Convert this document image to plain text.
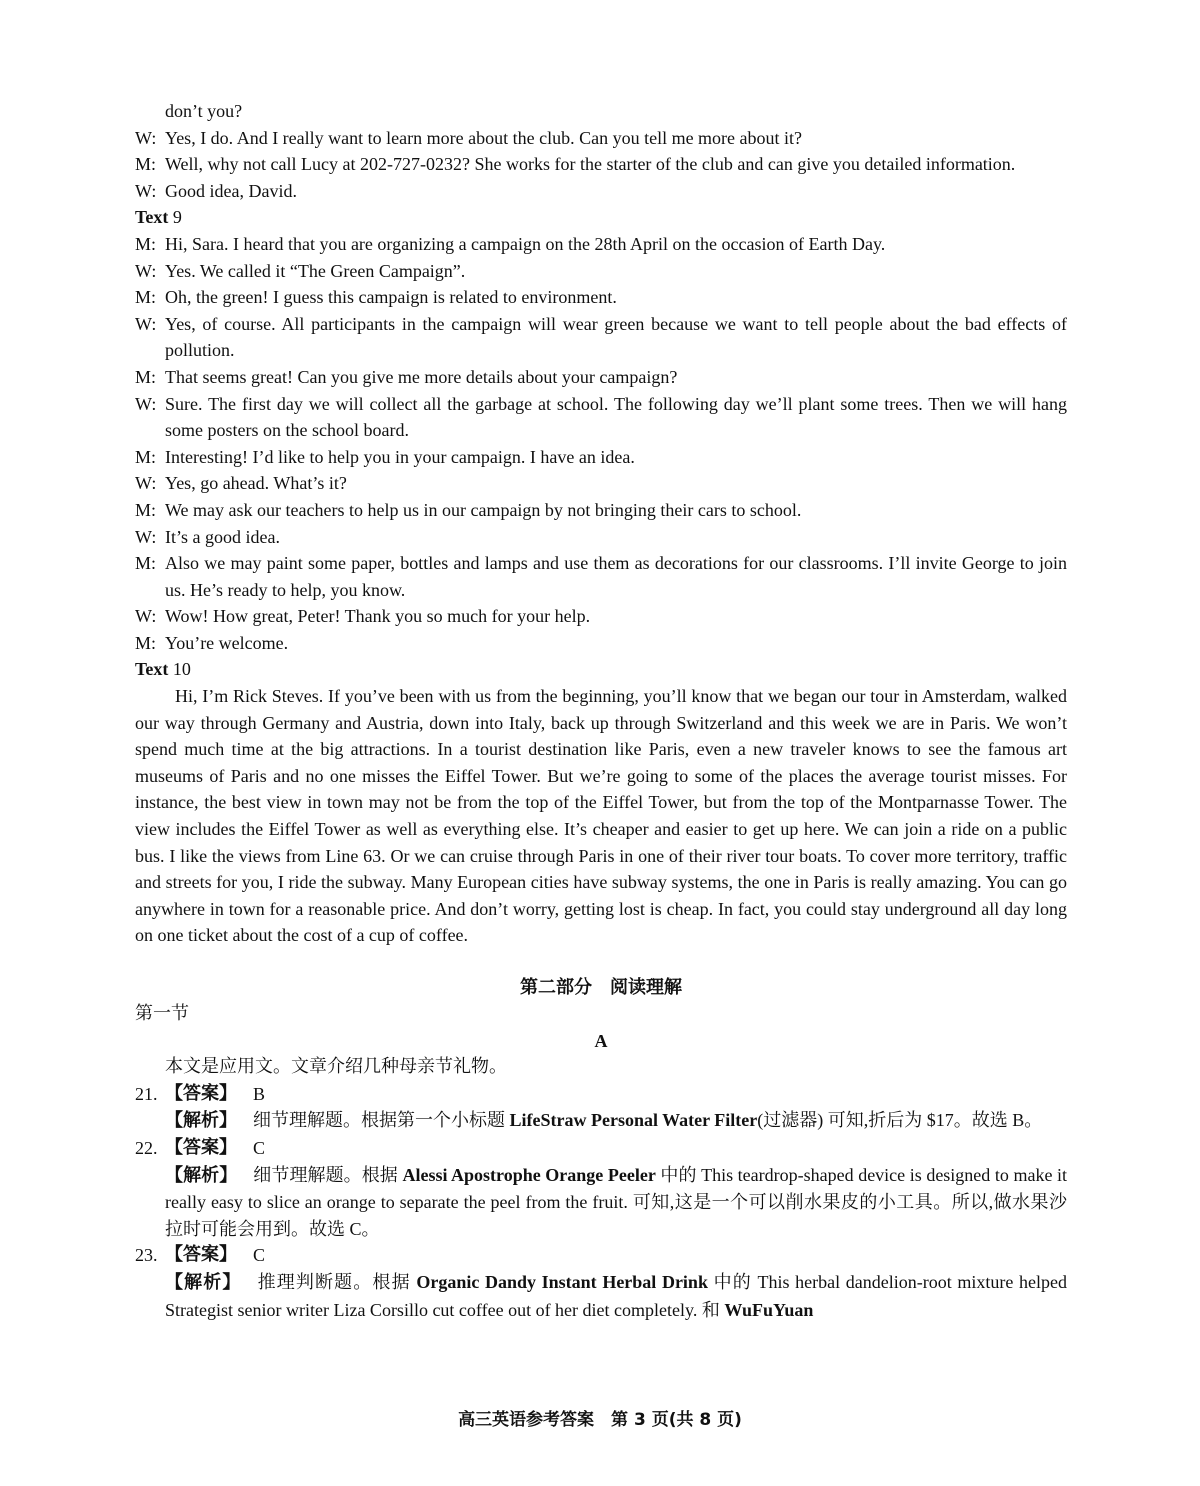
don’t you?
W: Yes, I do. And I really want to learn more about the club. Can you tell me more about it?
M: Well, why not call Lucy at 202-727-0232? She works for the starter of the club and can give you detailed information.
W: Good idea, David.
Text 9
M: Hi, Sara. I heard that you are organizing a campaign on the 28th April on the occasion of Earth Day.
W: Yes. We called it “The Green Campaign”.
M: Oh, the green! I guess this campaign is related to environment.
W: Yes, of course. All participants in the campaign will wear green because we want to tell people about the bad effects of pollution.
M: That seems great! Can you give me more details about your campaign?
W: Sure. The first day we will collect all the garbage at school. The following day we’ll plant some trees. Then we will hang some posters on the school board.
M: Interesting! I’d like to help you in your campaign. I have an idea.
W: Yes, go ahead. What’s it?
M: We may ask our teachers to help us in our campaign by not bringing their cars to school.
W: It’s a good idea.
M: Also we may paint some paper, bottles and lamps and use them as decorations for our classrooms. I’ll invite George to join us. He’s ready to help, you know.
W: Wow! How great, Peter! Thank you so much for your help.
M: You’re welcome.
Text 10

Hi, I’m Rick Steves. If you’ve been with us from the beginning, you’ll know that we began our tour in Amsterdam, walked our way through Germany and Austria, down into Italy, back up through Switzerland and this week we are in Paris. We won’t spend much time at the big attractions. In a tourist destination like Paris, even a new traveler knows to see the famous art museums of Paris and no one misses the Eiffel Tower. But we’re going to some of the places the average tourist misses. For instance, the best view in town may not be from the top of the Eiffel Tower, but from the top of the Montparnasse Tower. The view includes the Eiffel Tower as well as everything else. It’s cheaper and easier to get up here. We can join a ride on a public bus. I like the views from Line 63. Or we can cruise through Paris in one of their river tour boats. To cover more territory, traffic and streets for you, I ride the subway. Many European cities have subway systems, the one in Paris is really amazing. You can go anywhere in town for a reasonable price. And don’t worry, getting lost is cheap. In fact, you could stay underground all day long on one ticket about the cost of a cup of coffee.

第二部分　阅读理解
第一节
A
本文是应用文。文章介绍几种母亲节礼物。
21. 【答案】 B
【解析】 细节理解题。根据第一个小标题 LifeStraw Personal Water Filter(过滤器) 可知,折后为 $17。故选 B。
22. 【答案】 C
【解析】 细节理解题。根据 Alessi Apostrophe Orange Peeler 中的 This teardrop-shaped device is designed to make it really easy to slice an orange to separate the peel from the fruit. 可知,这是一个可以削水果皮的小工具。所以,做水果沙拉时可能会用到。故选 C。
23. 【答案】 C
【解析】 推理判断题。根据 Organic Dandy Instant Herbal Drink 中的 This herbal dandelion-root mixture helped Strategist senior writer Liza Corsillo cut coffee out of her diet completely. 和 WuFuYuan
高三英语参考答案　第 3 页(共 8 页)
